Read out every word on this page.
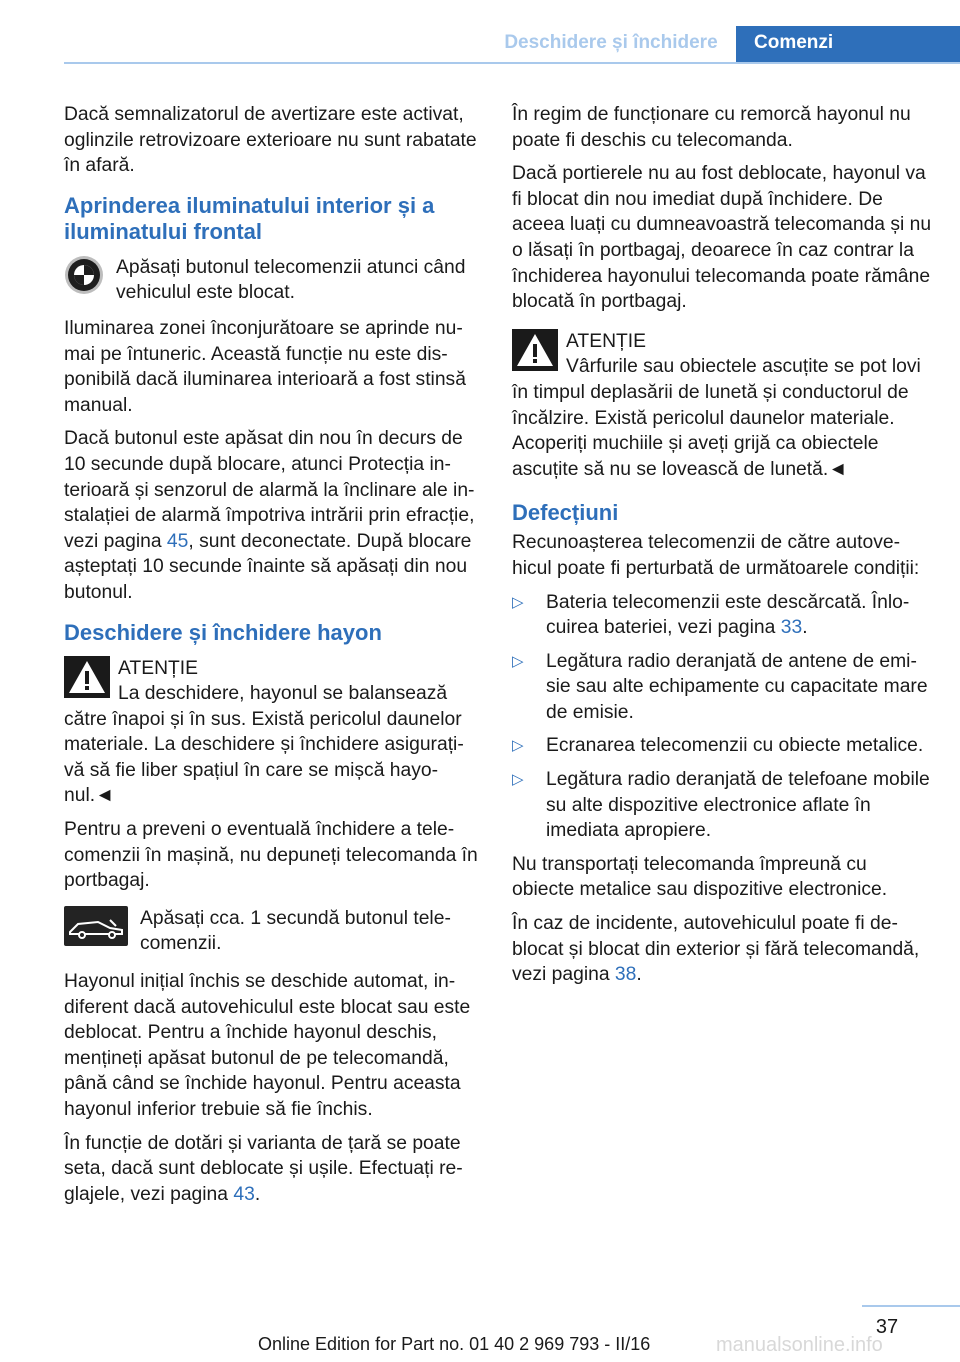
Deschidere și închidere	Comenzi

Dacă semnalizatorul de avertizare este activat, oglinzile retrovizoare exterioare nu sunt rabatate în afară.

Aprinderea iluminatului interior și a iluminatului frontal
Apăsați butonul telecomenzii atunci când vehiculul este blocat.

Iluminarea zonei înconjurătoare se aprinde numai pe întuneric. Această funcție nu este disponibilă dacă iluminarea interioară a fost stinsă manual.

Dacă butonul este apăsat din nou în decurs de 10 secunde după blocare, atunci Protecția interioară și senzorul de alarmă la înclinare ale instalației de alarmă împotriva intrării prin efracție, vezi pagina 45, sunt deconectate. După blocare așteptați 10 secunde înainte să apăsați din nou butonul.

Deschidere și închidere hayon
ATENȚIE
La deschidere, hayonul se balansează către înapoi și în sus. Există pericolul daunelor materiale. La deschidere și închidere asigurați-vă să fie liber spațiul în care se mișcă hayonul.◄

Pentru a preveni o eventuală închidere a telecomenzii în mașină, nu depuneți telecomanda în portbagaj.

Apăsați cca. 1 secundă butonul telecomenzii.

Hayonul inițial închis se deschide automat, indiferent dacă autovehiculul este blocat sau este deblocat. Pentru a închide hayonul deschis, mențineți apăsat butonul de pe telecomandă, până când se închide hayonul. Pentru aceasta hayonul inferior trebuie să fie închis.

În funcție de dotări și varianta de țară se poate seta, dacă sunt deblocate și ușile. Efectuați reglajele, vezi pagina 43.

În regim de funcționare cu remorcă hayonul nu poate fi deschis cu telecomanda.

Dacă portierele nu au fost deblocate, hayonul va fi blocat din nou imediat după închidere. De aceea luați cu dumneavoastră telecomanda și nu o lăsați în portbagaj, deoarece în caz contrar la închiderea hayonului telecomanda poate rămâne blocată în portbagaj.

ATENȚIE
Vârfurile sau obiectele ascuțite se pot lovi în timpul deplasării de lunetă și conductorul de încălzire. Există pericolul daunelor materiale. Acoperiți muchiile și aveți grijă ca obiectele ascuțite să nu se lovească de lunetă.◄
Defecțiuni

Recunoașterea telecomenzii de către autovehicul poate fi perturbată de următoarele condiții:

▷ Bateria telecomenzii este descărcată. Înlocuirea bateriei, vezi pagina 33.
▷ Legătura radio deranjată de antene de emisie sau alte echipamente cu capacitate mare de emisie.
▷ Ecranarea telecomenzii cu obiecte metalice.
▷ Legătura radio deranjată de telefoane mobile su alte dispozitive electronice aflate în imediata apropiere.

Nu transportați telecomanda împreună cu obiecte metalice sau dispozitive electronice.

În caz de incidente, autovehiculul poate fi deblocat și blocat din exterior și fără telecomandă, vezi pagina 38.

37
Online Edition for Part no. 01 40 2 969 793 - II/16	manualsonline.info
